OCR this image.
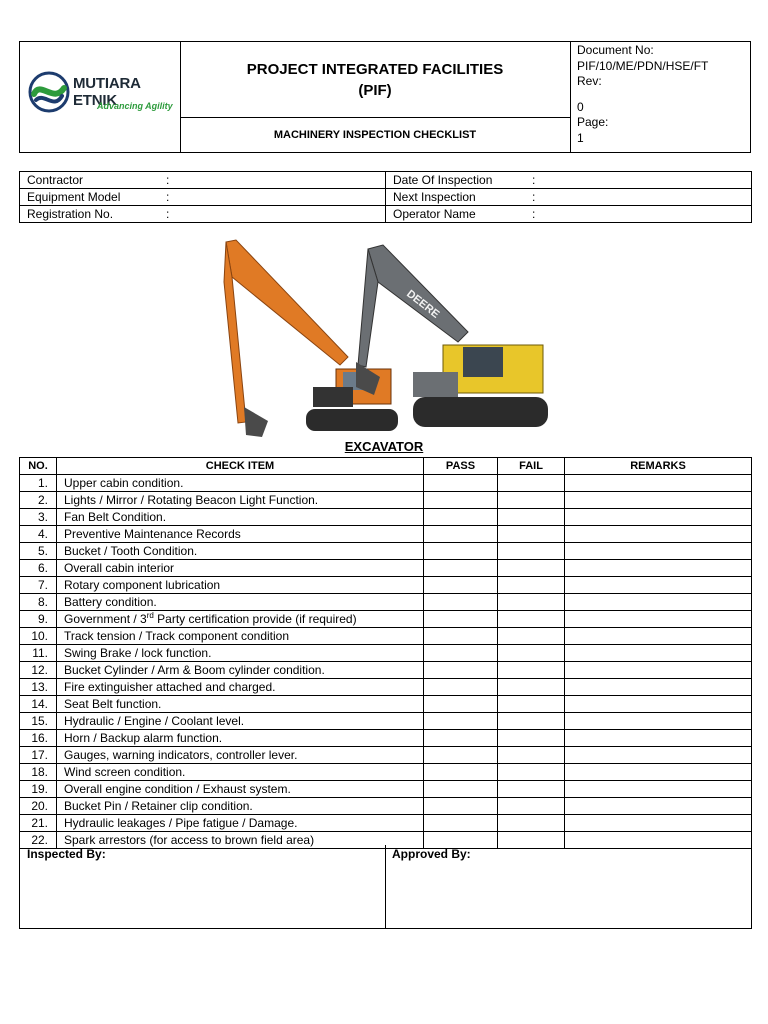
MUTIARA ETNIK
Advancing Agility
PROJECT INTEGRATED FACILITIES
(PIF)
MACHINERY INSPECTION CHECKLIST
Document No:
PIF/10/ME/PDN/HSE/FT
Rev:
0
Page:
1
Contractor :	Date Of Inspection :
Equipment Model :	Next Inspection :
Registration No. :	Operator Name :
DEERE
EXCAVATOR
NO.	CHECK ITEM	PASS	FAIL	REMARKS
1.	Upper cabin condition.			
2.	Lights / Mirror / Rotating Beacon Light Function.			
3.	Fan Belt Condition.			
4.	Preventive Maintenance Records			
5.	Bucket / Tooth Condition.			
6.	Overall cabin interior			
7.	Rotary component lubrication			
8.	Battery condition.			
9.	Government / 3rd Party certification provide (if required)			
10.	Track tension / Track component condition			
11.	Swing Brake / lock function.			
12.	Bucket Cylinder / Arm & Boom cylinder condition.			
13.	Fire extinguisher attached and charged.			
14.	Seat Belt function.			
15.	Hydraulic / Engine / Coolant level.			
16.	Horn / Backup alarm function.			
17.	Gauges, warning indicators, controller lever.			
18.	Wind screen condition.			
19.	Overall engine condition / Exhaust system.			
20.	Bucket Pin / Retainer clip condition.			
21.	Hydraulic leakages / Pipe fatigue / Damage.			
22.	Spark arrestors (for access to brown field area)			
Inspected By:	Approved By:
